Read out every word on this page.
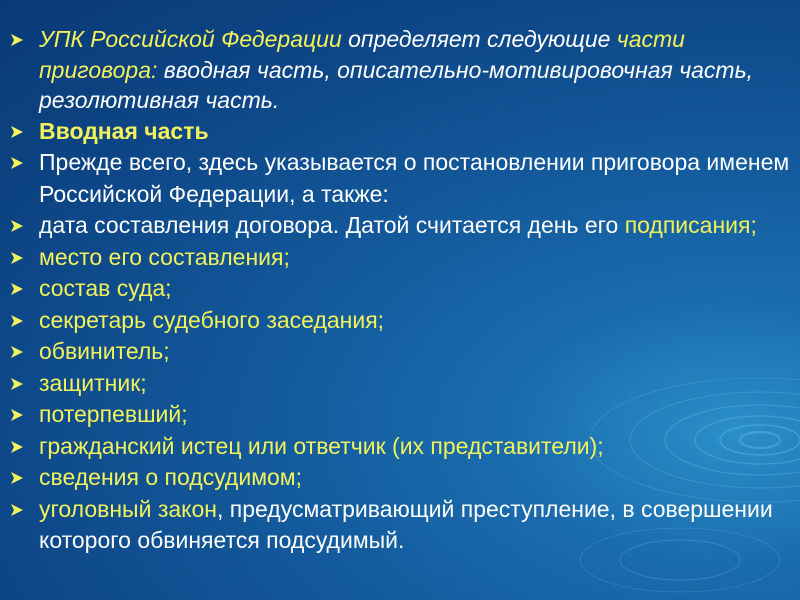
УПК Российской Федерации определяет следующие части приговора: вводная часть, описательно-мотивировочная часть, резолютивная часть.
Вводная часть
Прежде всего, здесь указывается о постановлении приговора именем Российской Федерации, а также:
дата составления договора. Датой считается день его подписания;
место его составления;
состав суда;
секретарь судебного заседания;
обвинитель;
защитник;
потерпевший;
гражданский истец или ответчик (их представители);
сведения о подсудимом;
уголовный закон, предусматривающий преступление, в совершении которого обвиняется подсудимый.
